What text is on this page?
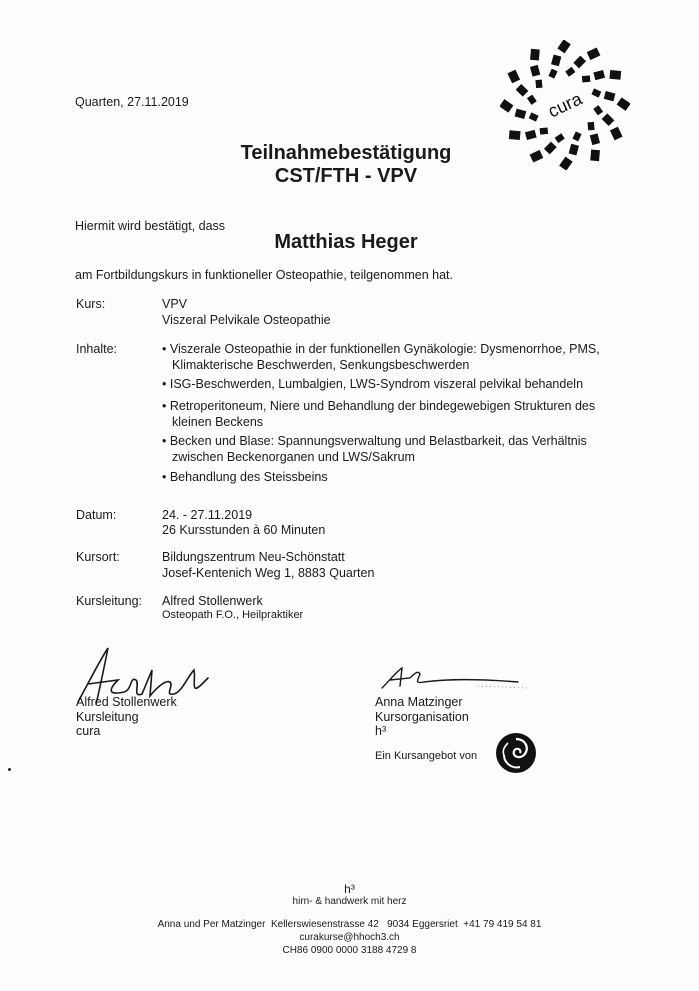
Quarten, 27.11.2019	cura
Teilnahmebestätigung
CST/FTH - VPV
Hiermit wird bestätigt, dass
Matthias Heger
am Fortbildungskurs in funktioneller Osteopathie, teilgenommen hat.
Kurs:	VPV
Viszeral Pelvikale Osteopathie
Inhalte:	• Viszerale Osteopathie in der funktionellen Gynäkologie: Dysmenorrhoe, PMS, Klimakterische Beschwerden, Senkungsbeschwerden
• ISG-Beschwerden, Lumbalgien, LWS-Syndrom viszeral pelvikal behandeln
• Retroperitoneum, Niere und Behandlung der bindegewebigen Strukturen des kleinen Beckens
• Becken und Blase: Spannungsverwaltung und Belastbarkeit, das Verhältnis zwischen Beckenorganen und LWS/Sakrum
• Behandlung des Steissbeins
Datum:	24. - 27.11.2019
26 Kursstunden à 60 Minuten
Kursort:	Bildungszentrum Neu-Schönstatt
Josef-Kentenich Weg 1, 8883 Quarten
Kursleitung:	Alfred Stollenwerk
Osteopath F.O., Heilpraktiker
Alfred Stollenwerk
Kursleitung
cura
Anna Matzinger
Kursorganisation
h³
Ein Kursangebot von
h³
hirn- & handwerk mit herz
Anna und Per Matzinger  Kellerswiesenstrasse 42   9034 Eggersriet  +41 79 419 54 81
curakurse@hhoch3.ch
CH86 0900 0000 3188 4729 8
